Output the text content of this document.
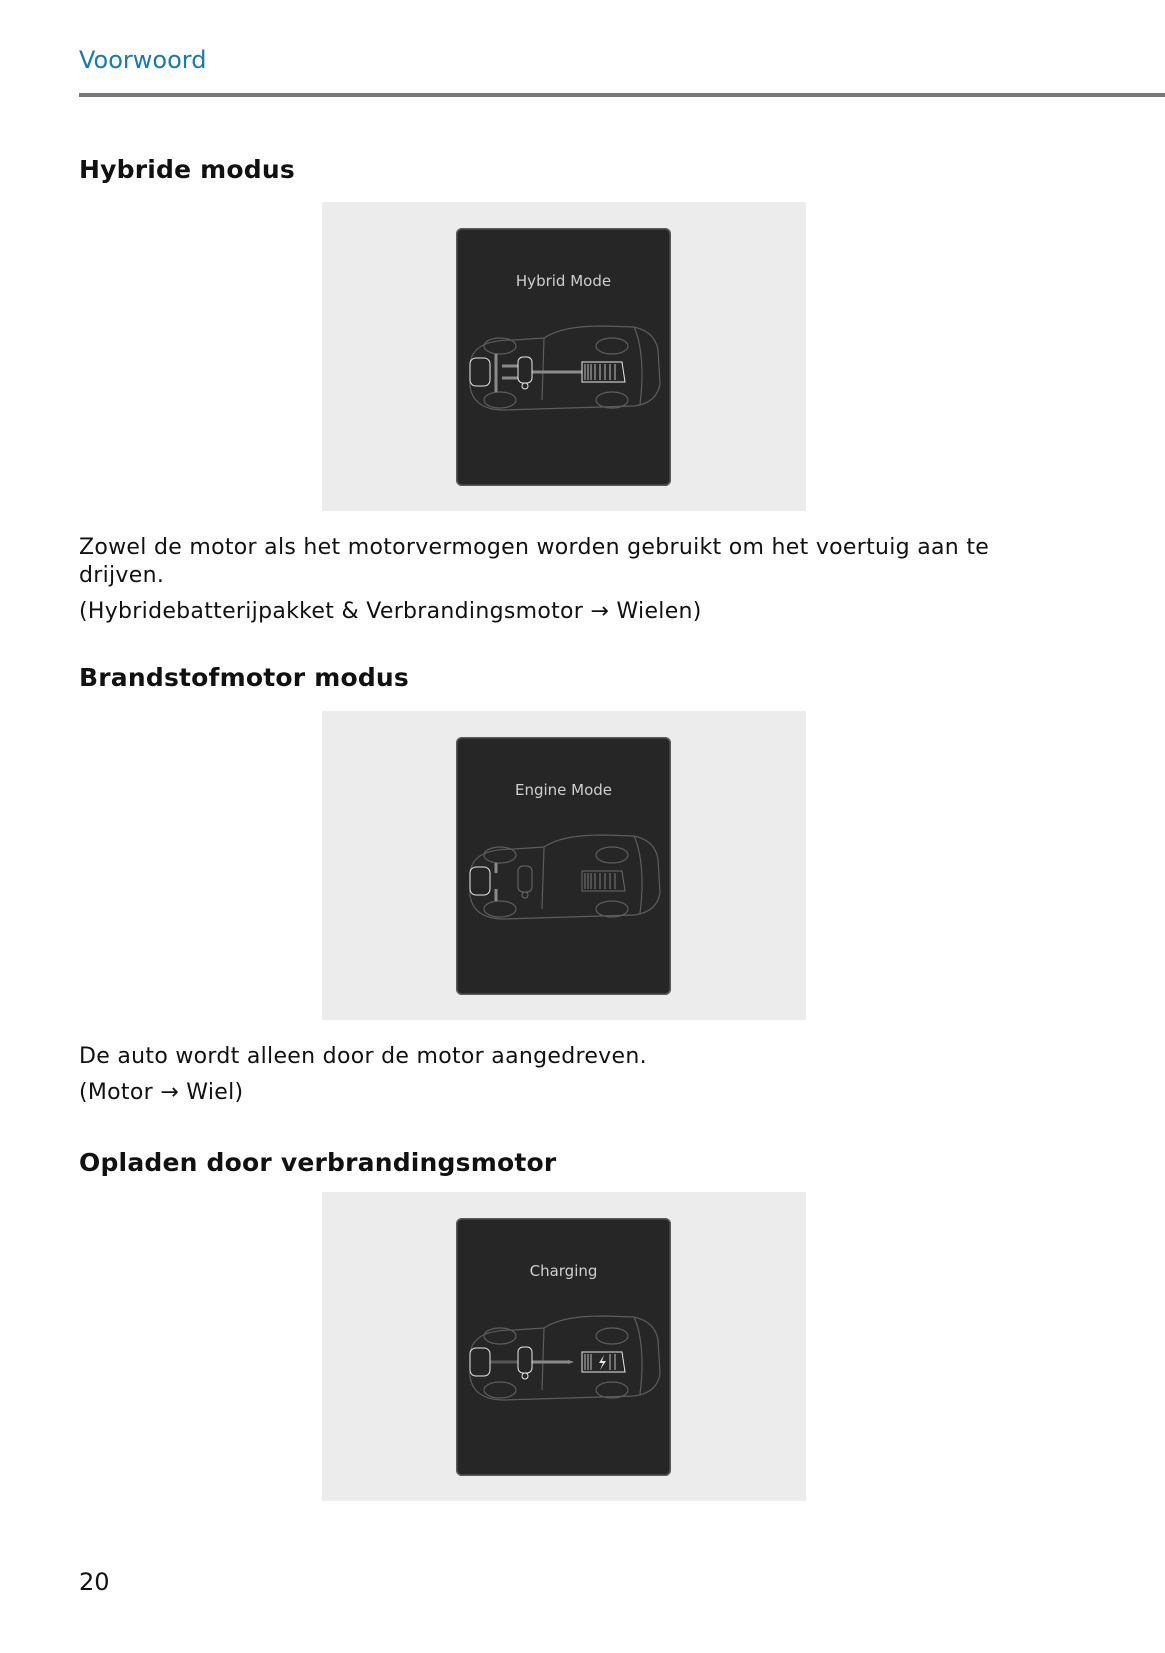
Voorwoord
Hybride modus
Hybrid Mode
Zowel de motor als het motorvermogen worden gebruikt om het voertuig aan te drijven.
(Hybridebatterijpakket & Verbrandingsmotor → Wielen)
Brandstofmotor modus
Engine Mode
De auto wordt alleen door de motor aangedreven.
(Motor → Wiel)
Opladen door verbrandingsmotor
Charging
20
